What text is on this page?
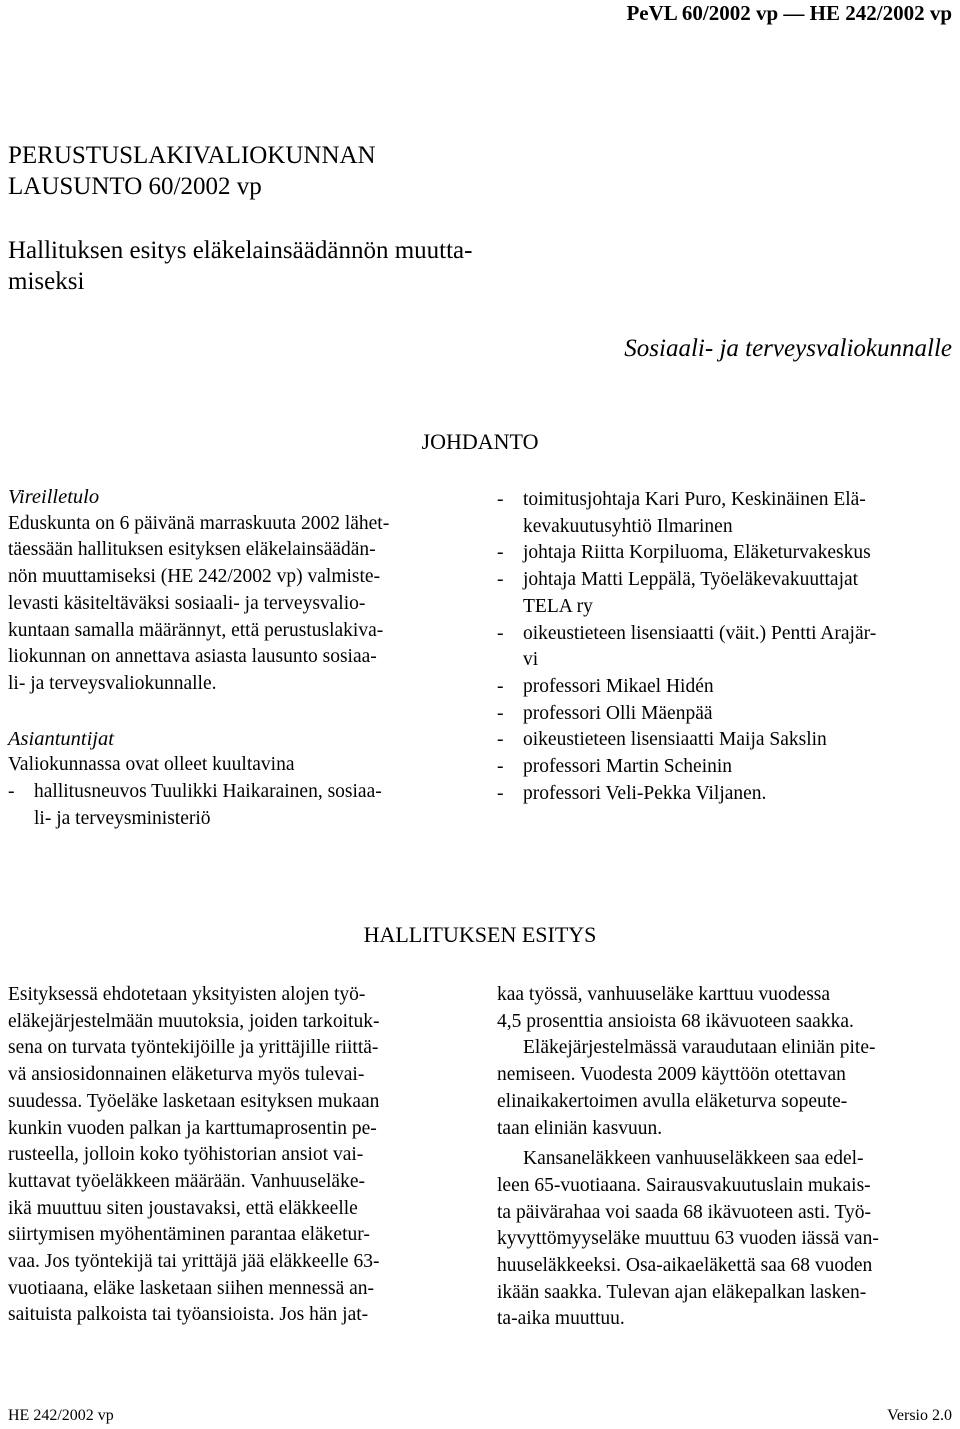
PeVL 60/2002 vp — HE 242/2002 vp
PERUSTUSLAKIVALIOKUNNAN
LAUSUNTO 60/2002 vp
Hallituksen esitys eläkelainsäädännön muutta-
miseksi
Sosiaali- ja terveysvaliokunnalle
JOHDANTO

Vireilletulo

Eduskunta on 6 päivänä marraskuuta 2002 lähet-
täessään hallituksen esityksen eläkelainsäädän-
nön muuttamiseksi (HE 242/2002 vp) valmiste-
levasti käsiteltäväksi sosiaali- ja terveysvalio-
kuntaan samalla määrännyt, että perustuslakiva-
liokunnan on annettava asiasta lausunto sosiaa-
li- ja terveysvaliokunnalle.

Asiantuntijat

Valiokunnassa ovat olleet kuultavina

-	hallitusneuvos Tuulikki Haikarainen, sosiaa-
li- ja terveysministeriö
-	toimitusjohtaja Kari Puro, Keskinäinen Elä-
kevakuutusyhtiö Ilmarinen
-	johtaja Riitta Korpiluoma, Eläketurvakeskus
-	johtaja Matti Leppälä, Työeläkevakuuttajat
TELA ry
-	oikeustieteen lisensiaatti (väit.) Pentti Arajär-
vi
-	professori Mikael Hidén
-	professori Olli Mäenpää
-	oikeustieteen lisensiaatti Maija Sakslin
-	professori Martin Scheinin
-	professori Veli-Pekka Viljanen.
HALLITUKSEN ESITYS
Esityksessä ehdotetaan yksityisten alojen työ-
eläkejärjestelmään muutoksia, joiden tarkoituk-
sena on turvata työntekijöille ja yrittäjille riittä-
vä ansiosidonnainen eläketurva myös tulevai-
suudessa. Työeläke lasketaan esityksen mukaan
kunkin vuoden palkan ja karttumaprosentin pe-
rusteella, jolloin koko työhistorian ansiot vai-
kuttavat työeläkkeen määrään. Vanhuuseläke-
ikä muuttuu siten joustavaksi, että eläkkeelle
siirtymisen myöhentäminen parantaa eläketur-
vaa. Jos työntekijä tai yrittäjä jää eläkkeelle 63-
vuotiaana, eläke lasketaan siihen mennessä an-
saituista palkoista tai työansioista. Jos hän jat-
kaa työssä, vanhuuseläke karttuu vuodessa
4,5 prosenttia ansioista 68 ikävuoteen saakka.
Eläkejärjestelmässä varaudutaan eliniän pite-
nemiseen. Vuodesta 2009 käyttöön otettavan
elinaikakertoimen avulla eläketurva sopeute-
taan eliniän kasvuun.
Kansaneläkkeen vanhuuseläkkeen saa edel-
leen 65-vuotiaana. Sairausvakuutuslain mukais-
ta päivärahaa voi saada 68 ikävuoteen asti. Työ-
kyvyttömyyseläke muuttuu 63 vuoden iässä van-
huuseläkkeeksi. Osa-aikaeläkettä saa 68 vuoden
ikään saakka. Tulevan ajan eläkepalkan lasken-
ta-aika muuttuu.
HE 242/2002 vp	Versio 2.0
